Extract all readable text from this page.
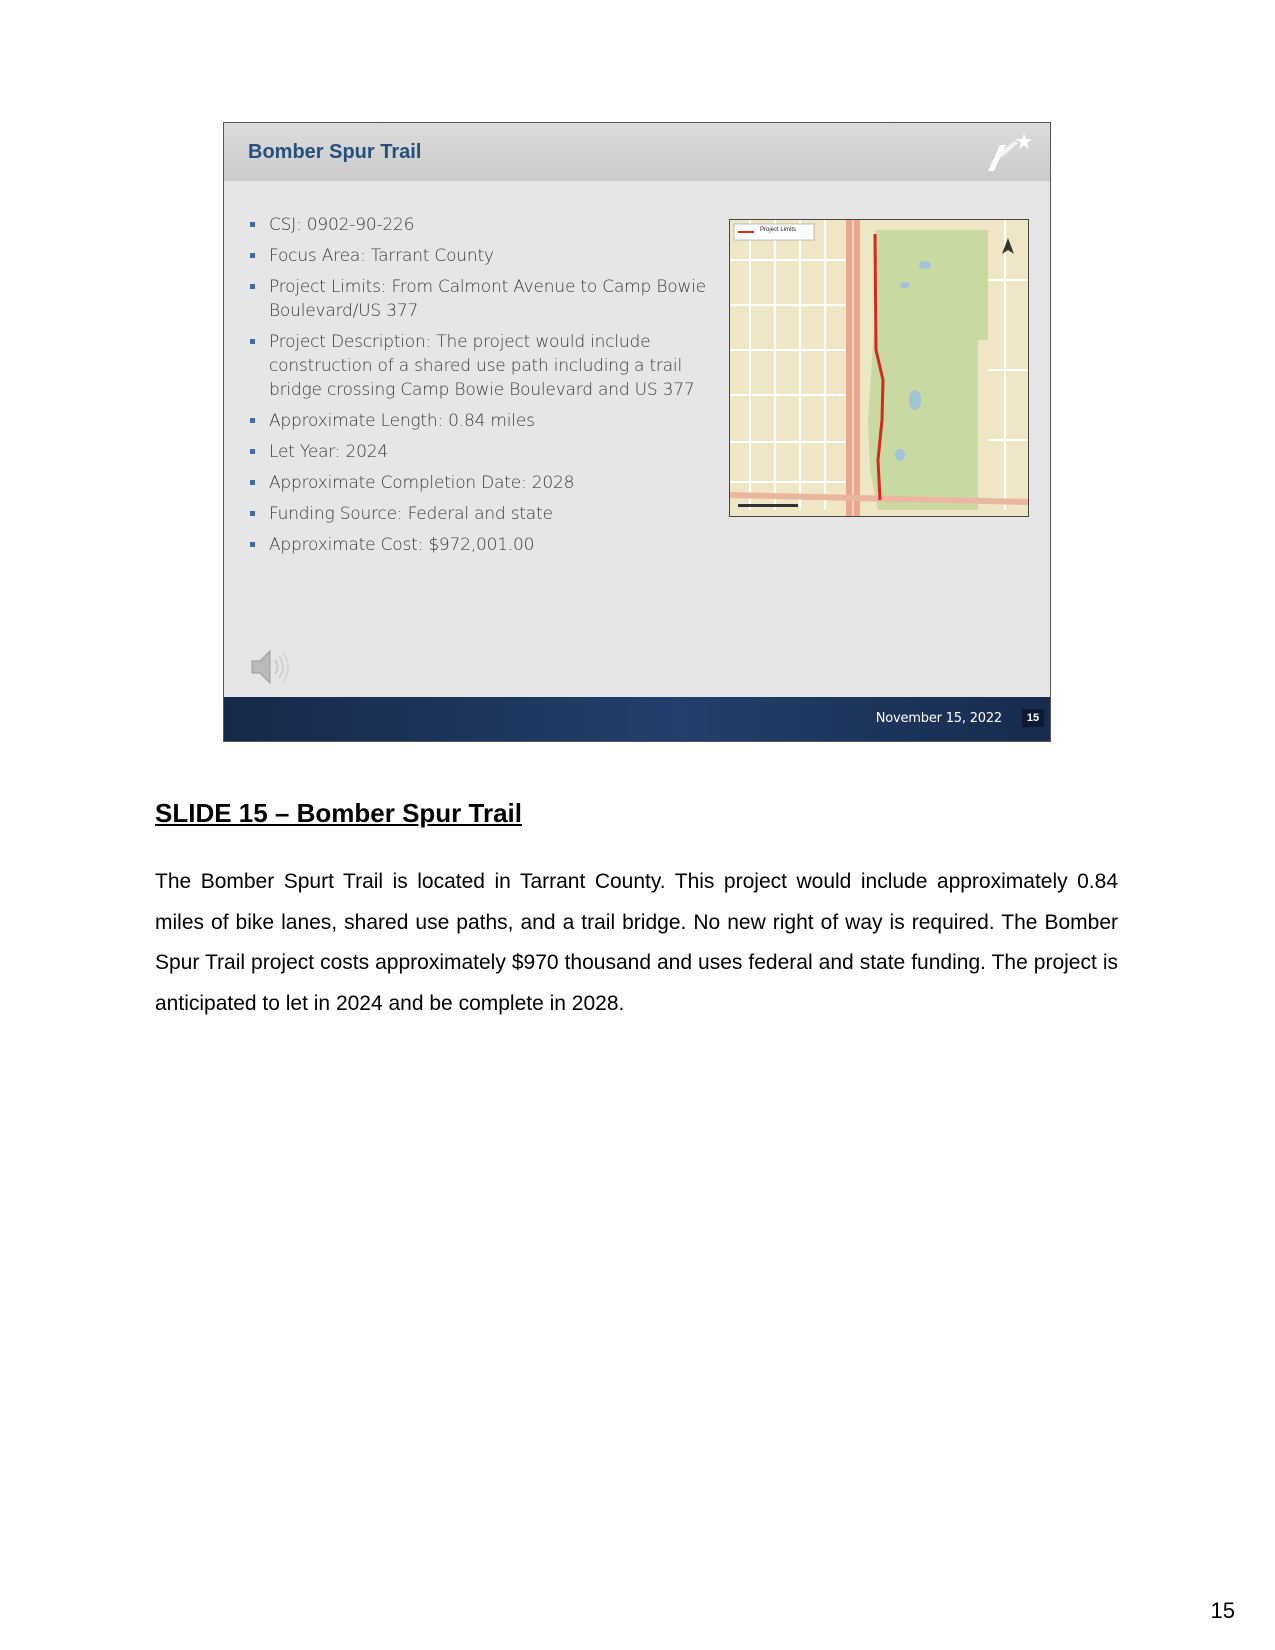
Bomber Spur Trail
CSJ: 0902-90-226
Focus Area: Tarrant County
Project Limits: From Calmont Avenue to Camp Bowie Boulevard/US 377
Project Description: The project would include construction of a shared use path including a trail bridge crossing Camp Bowie Boulevard and US 377
Approximate Length: 0.84 miles
Let Year: 2024
Approximate Completion Date: 2028
Funding Source: Federal and state
Approximate Cost: $972,001.00
Project Limits
November 15, 2022	15
SLIDE 15 – Bomber Spur Trail

The Bomber Spurt Trail is located in Tarrant County. This project would include approximately 0.84 miles of bike lanes, shared use paths, and a trail bridge. No new right of way is required. The Bomber Spur Trail project costs approximately $970 thousand and uses federal and state funding. The project is anticipated to let in 2024 and be complete in 2028.

15
